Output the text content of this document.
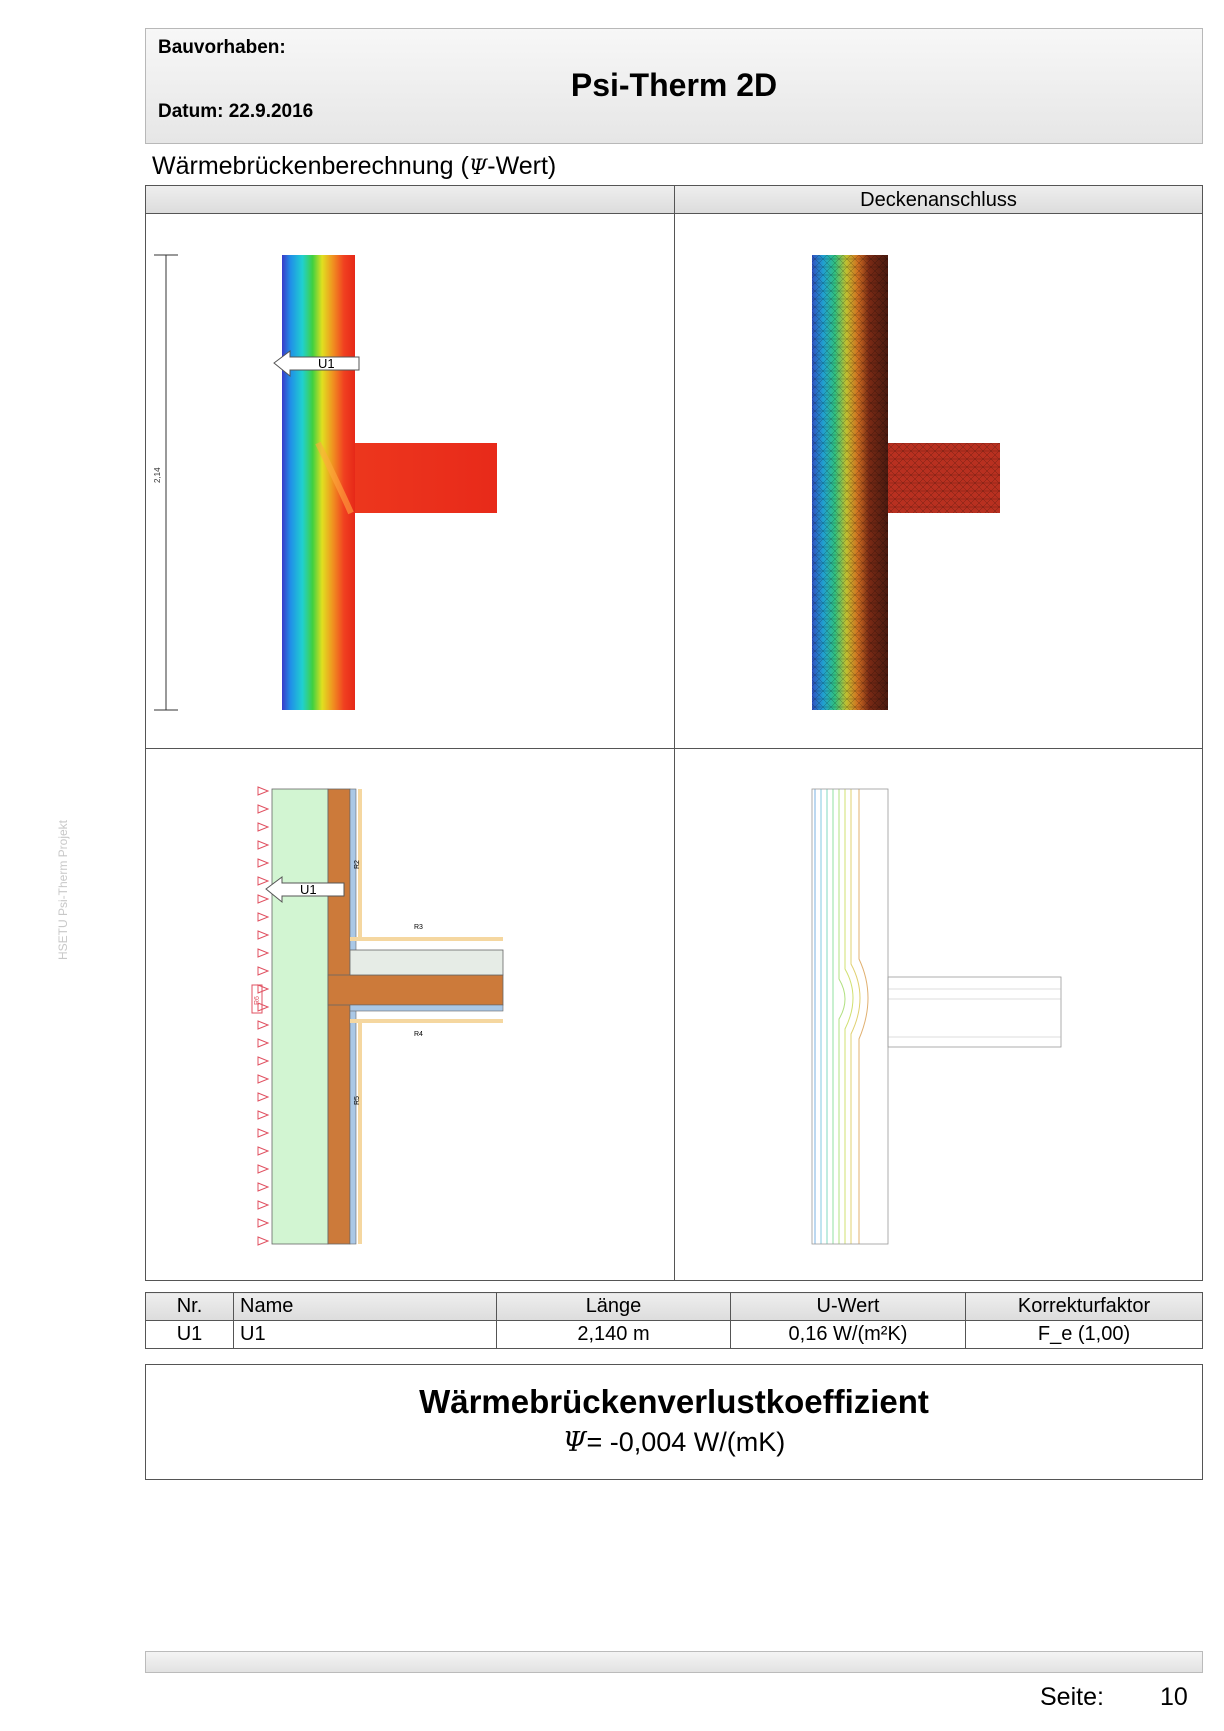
Bauvorhaben:
Psi-Therm 2D
Datum: 22.9.2016
Wärmebrückenberechnung (Ψ-Wert)
Deckenanschluss
2,14
U1
R6
U1
R2
R3
R4
R5
Nr.	Name	Länge	U-Wert	Korrekturfaktor
U1	U1	2,140 m	0,16 W/(m²K)	F_e (1,00)
Wärmebrückenverlustkoeffizient
Ψ= -0,004 W/(mK)
Seite: 10
HSETU Psi-Therm Projekt
